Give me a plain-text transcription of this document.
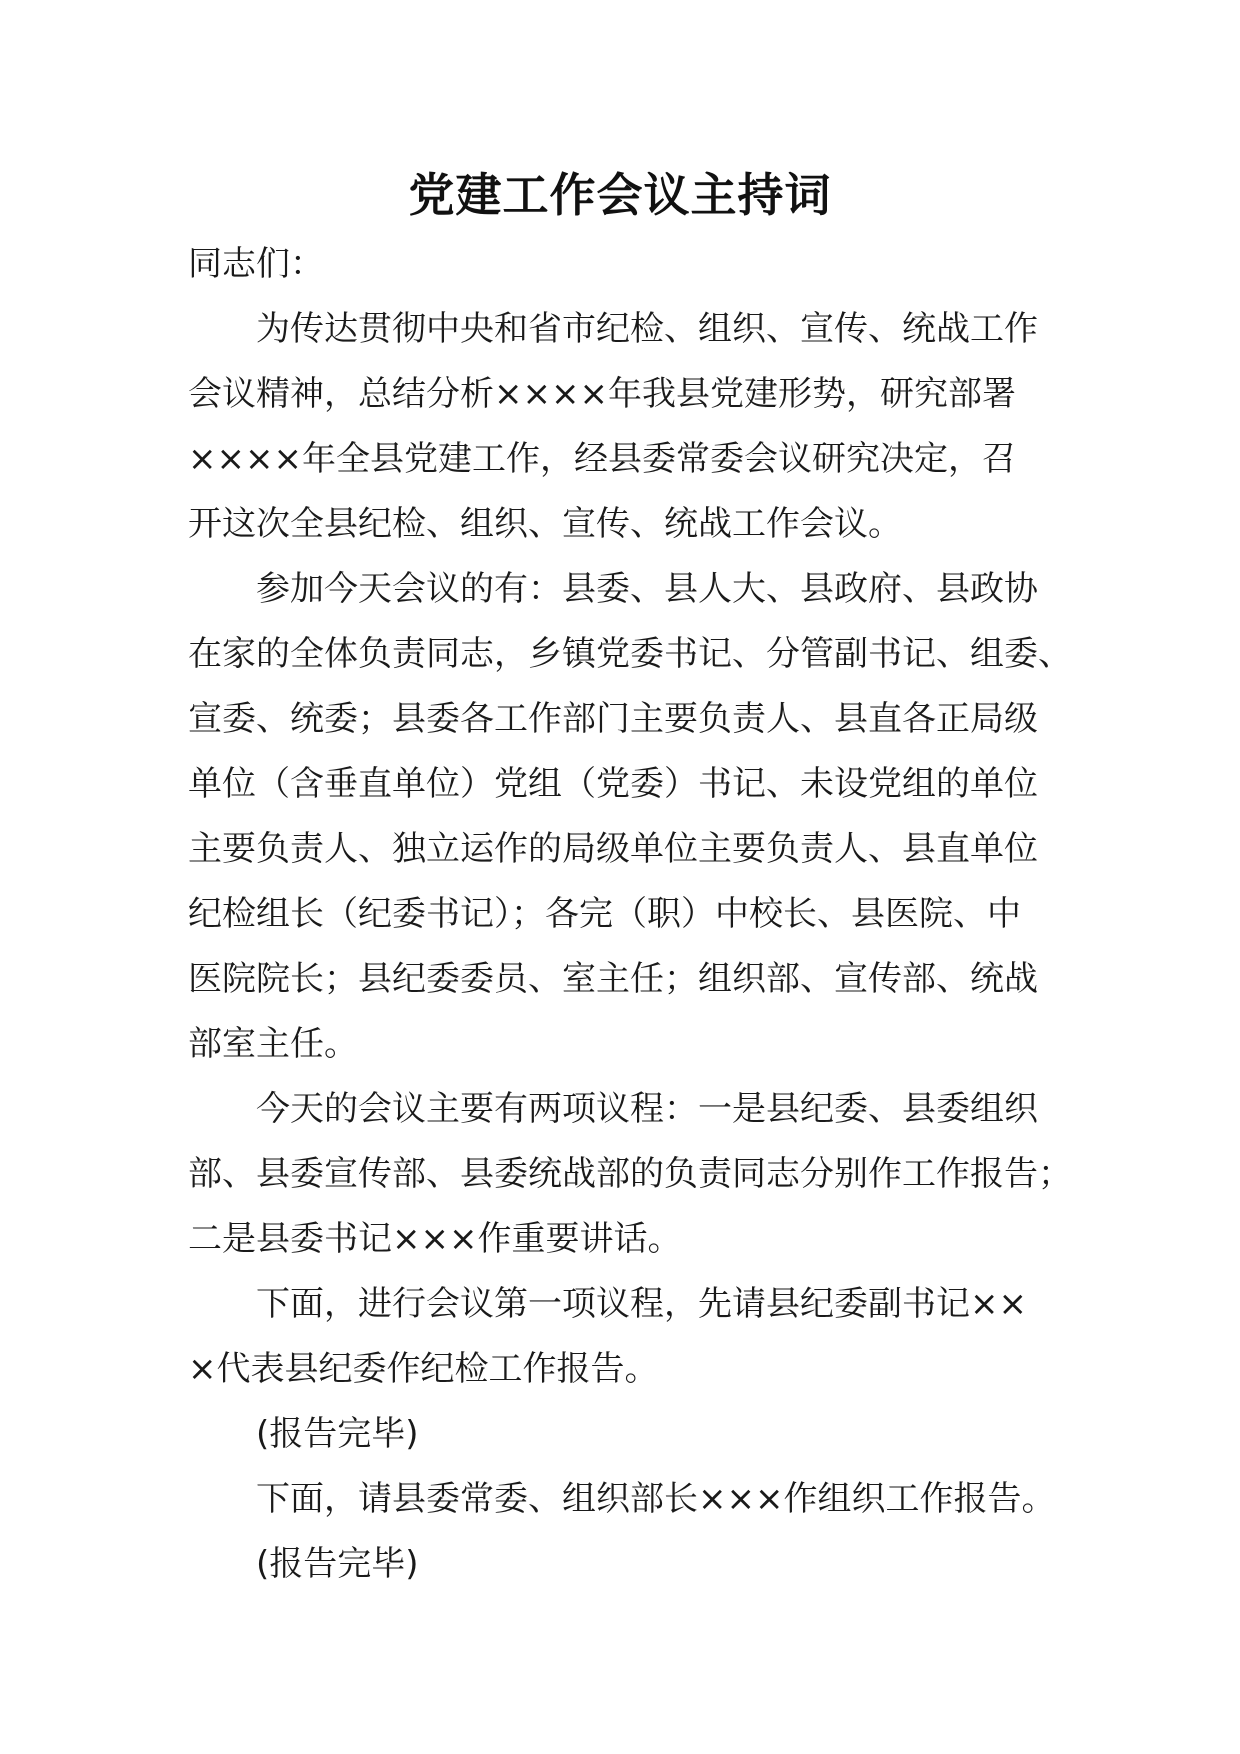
党建工作会议主持词
同志们：
为传达贯彻中央和省市纪检、组织、宣传、统战工作
会议精神，总结分析××××年我县党建形势，研究部署
××××年全县党建工作，经县委常委会议研究决定，召
开这次全县纪检、组织、宣传、统战工作会议。
参加今天会议的有：县委、县人大、县政府、县政协
在家的全体负责同志，乡镇党委书记、分管副书记、组委、
宣委、统委；县委各工作部门主要负责人、县直各正局级
单位（含垂直单位）党组（党委）书记、未设党组的单位
主要负责人、独立运作的局级单位主要负责人、县直单位
纪检组长（纪委书记）；各完（职）中校长、县医院、中
医院院长；县纪委委员、室主任；组织部、宣传部、统战
部室主任。
今天的会议主要有两项议程：一是县纪委、县委组织
部、县委宣传部、县委统战部的负责同志分别作工作报告；
二是县委书记×××作重要讲话。
下面，进行会议第一项议程，先请县纪委副书记××
×代表县纪委作纪检工作报告。
(报告完毕)
下面，请县委常委、组织部长×××作组织工作报告。
(报告完毕)
